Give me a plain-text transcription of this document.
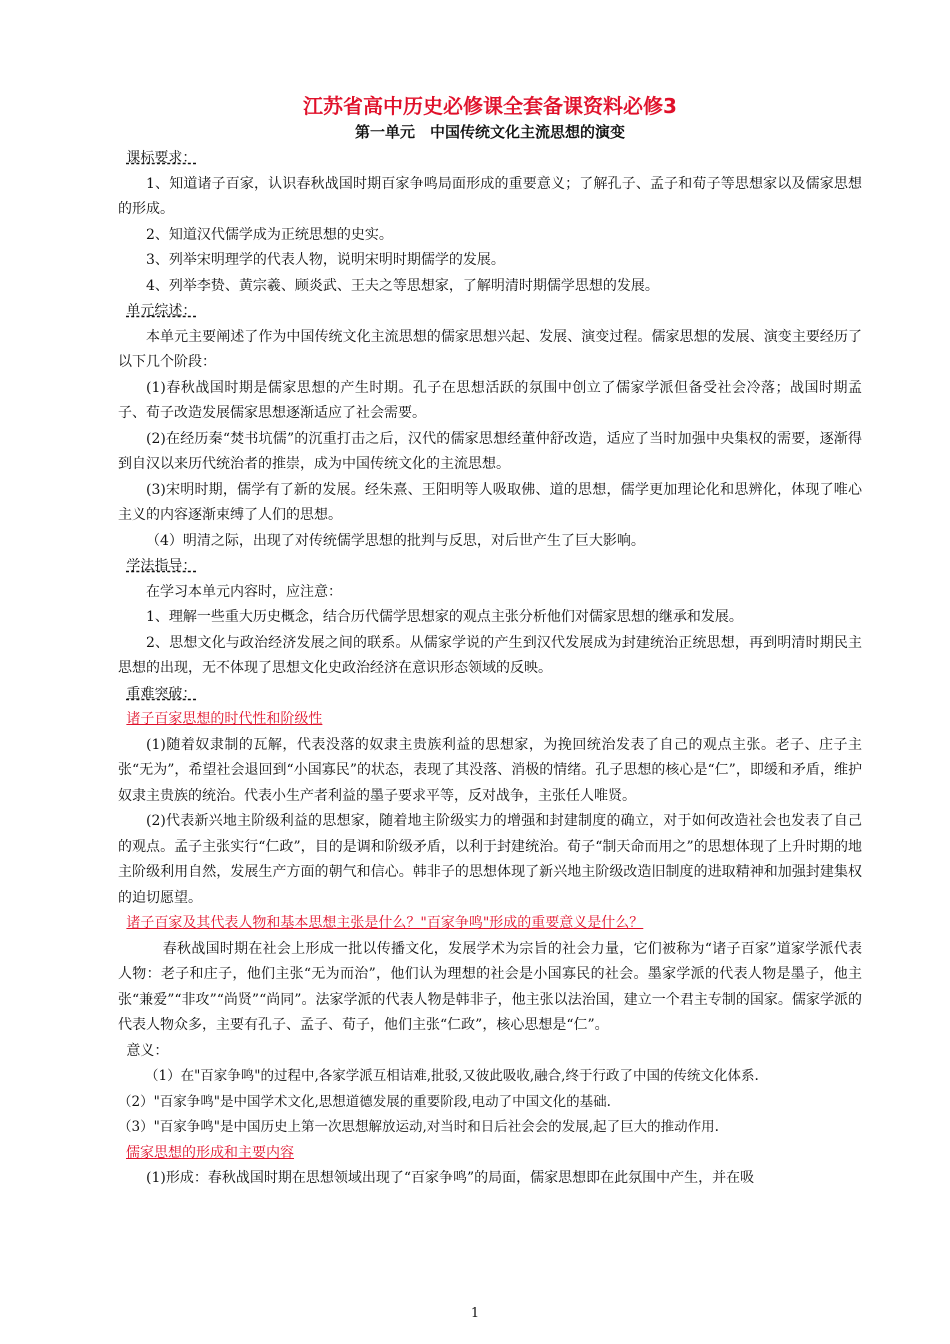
江苏省高中历史必修课全套备课资料必修3
第一单元　中国传统文化主流思想的演变

课标要求：

1、知道诸子百家，认识春秋战国时期百家争鸣局面形成的重要意义；了解孔子、孟子和荀子等思想家以及儒家思想的形成。

2、知道汉代儒学成为正统思想的史实。

3、列举宋明理学的代表人物，说明宋明时期儒学的发展。

4、列举李贽、黄宗羲、顾炎武、王夫之等思想家，了解明清时期儒学思想的发展。

单元综述：

本单元主要阐述了作为中国传统文化主流思想的儒家思想兴起、发展、演变过程。儒家思想的发展、演变主要经历了以下几个阶段：

(1)春秋战国时期是儒家思想的产生时期。孔子在思想活跃的氛围中创立了儒家学派但备受社会冷落；战国时期孟子、荀子改造发展儒家思想逐渐适应了社会需要。

(2)在经历秦“焚书坑儒”的沉重打击之后，汉代的儒家思想经董仲舒改造，适应了当时加强中央集权的需要，逐渐得到自汉以来历代统治者的推崇，成为中国传统文化的主流思想。

(3)宋明时期，儒学有了新的发展。经朱熹、王阳明等人吸取佛、道的思想，儒学更加理论化和思辨化，体现了唯心主义的内容逐渐束缚了人们的思想。

（4）明清之际，出现了对传统儒学思想的批判与反思，对后世产生了巨大影响。

学法指导：

在学习本单元内容时，应注意：

1、理解一些重大历史概念，结合历代儒学思想家的观点主张分析他们对儒家思想的继承和发展。

2、思想文化与政治经济发展之间的联系。从儒家学说的产生到汉代发展成为封建统治正统思想，再到明清时期民主思想的出现，无不体现了思想文化史政治经济在意识形态领域的反映。

重难突破：

诸子百家思想的时代性和阶级性

(1)随着奴隶制的瓦解，代表没落的奴隶主贵族利益的思想家，为挽回统治发表了自己的观点主张。老子、庄子主张“无为”，希望社会退回到“小国寡民”的状态，表现了其没落、消极的情绪。孔子思想的核心是“仁”，即缓和矛盾，维护奴隶主贵族的统治。代表小生产者利益的墨子要求平等，反对战争，主张任人唯贤。

(2)代表新兴地主阶级利益的思想家，随着地主阶级实力的增强和封建制度的确立，对于如何改造社会也发表了自己的观点。孟子主张实行“仁政”，目的是调和阶级矛盾，以利于封建统治。荀子“制天命而用之”的思想体现了上升时期的地主阶级利用自然，发展生产方面的朝气和信心。韩非子的思想体现了新兴地主阶级改造旧制度的进取精神和加强封建集权的迫切愿望。

诸子百家及其代表人物和基本思想主张是什么？"百家争鸣"形成的重要意义是什么？

春秋战国时期在社会上形成一批以传播文化，发展学术为宗旨的社会力量，它们被称为“诸子百家”道家学派代表人物：老子和庄子，他们主张“无为而治”，他们认为理想的社会是小国寡民的社会。墨家学派的代表人物是墨子，他主张“兼爱”“非攻”“尚贤”“尚同”。法家学派的代表人物是韩非子，他主张以法治国，建立一个君主专制的国家。儒家学派的代表人物众多，主要有孔子、孟子、荀子，他们主张“仁政”，核心思想是“仁”。

意义：

（1）在"百家争鸣"的过程中,各家学派互相诘难,批驳,又彼此吸收,融合,终于行政了中国的传统文化体系.

（2）"百家争鸣"是中国学术文化,思想道德发展的重要阶段,电动了中国文化的基础.

（3）"百家争鸣"是中国历史上第一次思想解放运动,对当时和日后社会会的发展,起了巨大的推动作用.

儒家思想的形成和主要内容

(1)形成：春秋战国时期在思想领域出现了“百家争鸣”的局面，儒家思想即在此氛围中产生，并在吸

1
